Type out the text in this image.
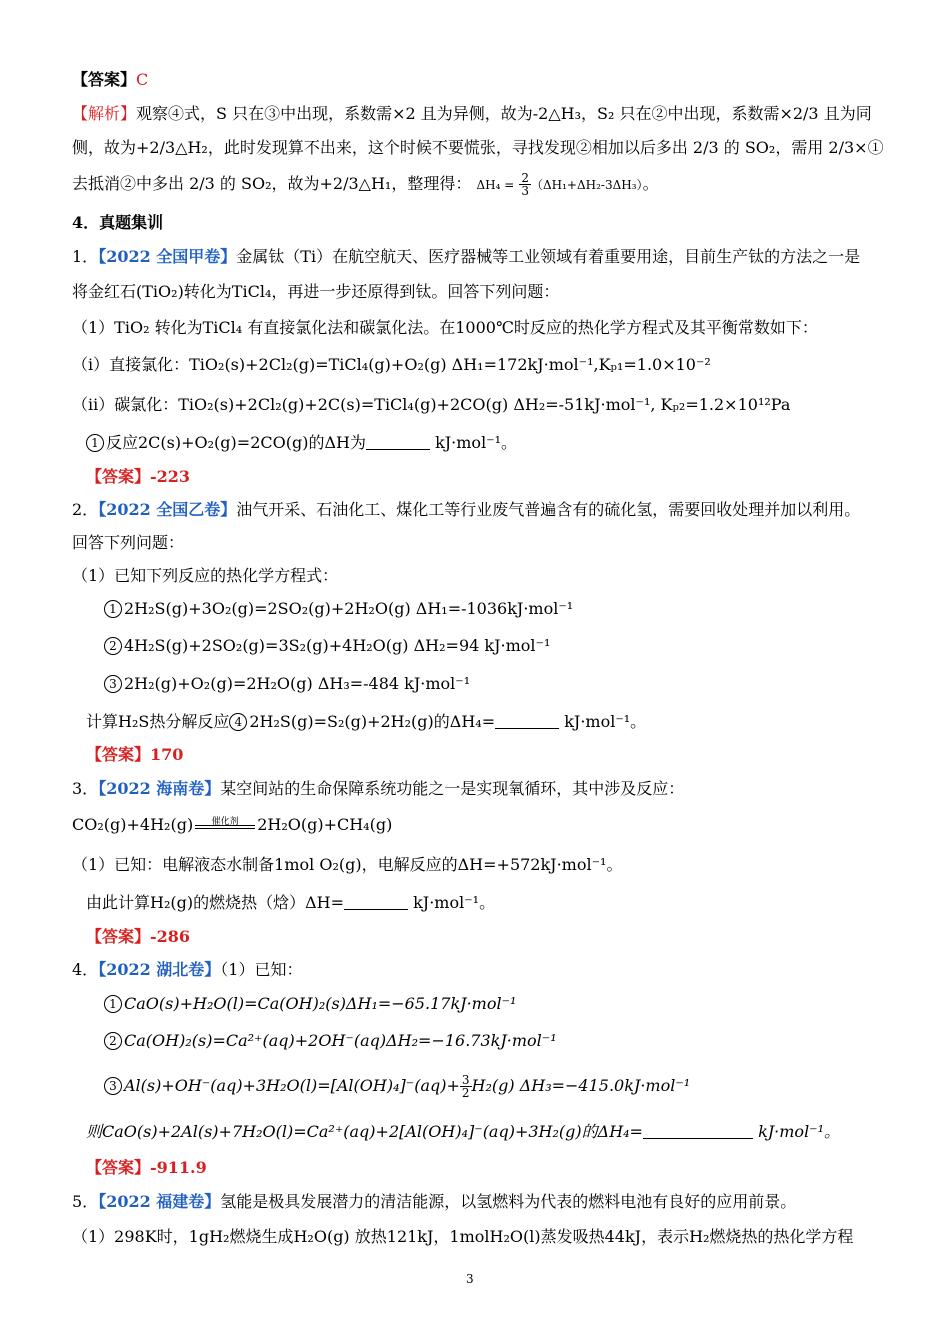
【答案】C
【解析】观察④式，S 只在③中出现，系数需×2 且为异侧，故为-2△H₃，S₂ 只在②中出现，系数需×2/3 且为同
侧，故为+2/3△H₂，此时发现算不出来，这个时候不要慌张，寻找发现②相加以后多出 2/3 的 SO₂，需用 2/3×①
去抵消②中多出 2/3 的 SO₂，故为+2/3△H₁，整理得： $\Delta H_4 = \frac{2}{3} (\Delta H_1+\Delta H_2-3\Delta H_3)$。
4．真题集训
1．【2022 全国甲卷】金属钛（Ti）在航空航天、医疗器械等工业领域有着重要用途，目前生产钛的方法之一是
将金红石(TiO₂)转化为TiCl₄，再进一步还原得到钛。回答下列问题：
（1）TiO₂ 转化为TiCl₄ 有直接氯化法和碳氯化法。在1000℃时反应的热化学方程式及其平衡常数如下：
（i）直接氯化：TiO₂(s)+2Cl₂(g)=TiCl₄(g)+O₂(g) ΔH₁=172kJ·mol⁻¹,Kₚ₁=1.0×10⁻²
（ii）碳氯化：TiO₂(s)+2Cl₂(g)+2C(s)=TiCl₄(g)+2CO(g) ΔH₂=-51kJ·mol⁻¹, Kₚ₂=1.2×10¹²Pa
1 反应2C(s)+O₂(g)=2CO(g)的ΔH为	kJ·mol⁻¹。
【答案】-223
2．【2022 全国乙卷】油气开采、石油化工、煤化工等行业废气普遍含有的硫化氢，需要回收处理并加以利用。
回答下列问题：
（1）已知下列反应的热化学方程式：
1 2H₂S(g)+3O₂(g)=2SO₂(g)+2H₂O(g) ΔH₁=-1036kJ·mol⁻¹
2 4H₂S(g)+2SO₂(g)=3S₂(g)+4H₂O(g) ΔH₂=94 kJ·mol⁻¹
3 2H₂(g)+O₂(g)=2H₂O(g) ΔH₃=-484 kJ·mol⁻¹
计算H₂S热分解反应 4 2H₂S(g)=S₂(g)+2H₂(g)的ΔH₄=	kJ·mol⁻¹。
【答案】170
3．【2022 海南卷】某空间站的生命保障系统功能之一是实现氧循环，其中涉及反应：
CO₂(g)+4H₂(g)	催化剂	2H₂O(g)+CH₄(g)
（1）已知：电解液态水制备1mol O₂(g)，电解反应的ΔH=+572kJ·mol⁻¹。
由此计算H₂(g)的燃烧热（焓）ΔH=	kJ·mol⁻¹。
【答案】-286
4．【2022 湖北卷】（1）已知：
1 CaO(s)+H₂O(l)=Ca(OH)₂(s)ΔH₁=−65.17kJ·mol⁻¹
2 Ca(OH)₂(s)=Ca²⁺(aq)+2OH⁻(aq)ΔH₂=−16.73kJ·mol⁻¹
3 $Al(s)+OH^-(aq)+3H_2O(l)=[Al(OH)_4]^-(aq)+ \frac{3}{2} H_2(g)$ ΔH₃=−415.0kJ·mol⁻¹
则CaO(s)+2Al(s)+7H₂O(l)=Ca²⁺(aq)+2[Al(OH)₄]⁻(aq)+3H₂(g)的ΔH₄=	kJ·mol⁻¹。
【答案】-911.9
5．【2022 福建卷】氢能是极具发展潜力的清洁能源，以氢燃料为代表的燃料电池有良好的应用前景。
（1）298K时，1gH₂燃烧生成H₂O(g) 放热121kJ，1molH₂O(l)蒸发吸热44kJ，表示H₂燃烧热的热化学方程
3
